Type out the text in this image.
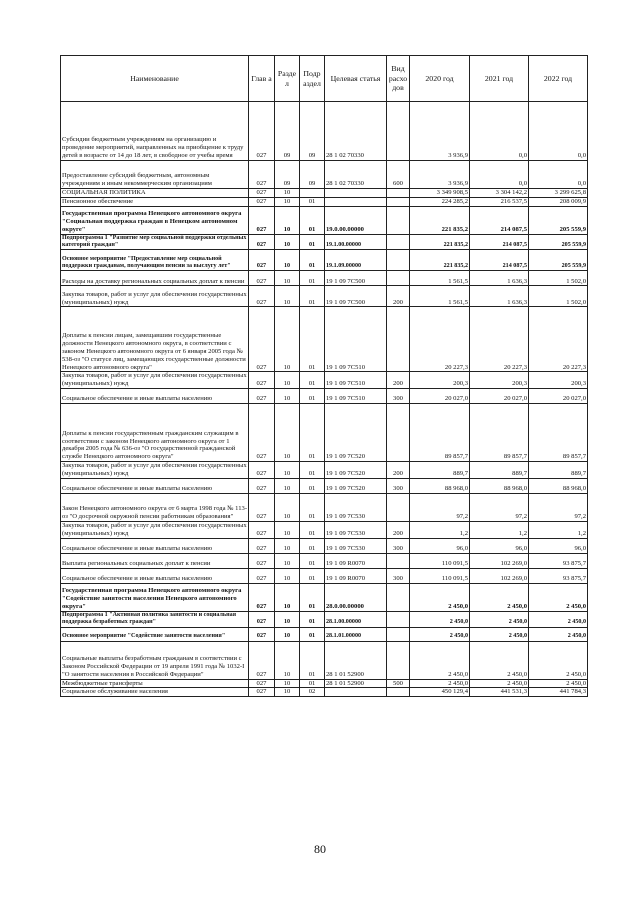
Наименование	Глав а	Разде л	Подр аздел	Целевая статья	Вид расхо дов	2020 год	2021 год	2022 год
Субсидии бюджетным учреждениям на организацию и проведение мероприятий, направленных на приобщение к труду детей в возрасте от 14 до 18 лет, в свободное от учебы время	027	09	09	28 1 02 70330		3 936,9	0,0	0,0
Предоставление субсидий бюджетным, автономным учреждениям и иным некоммерческим организациям	027	09	09	28 1 02 70330	600	3 936,9	0,0	0,0
СОЦИАЛЬНАЯ ПОЛИТИКА	027	10				3 349 908,5	3 304 142,2	3 299 625,8
Пенсионное обеспечение	027	10	01			224 285,2	216 537,5	208 009,9
Государственная программа Ненецкого автономного округа "Социальная поддержка граждан в Ненецком автономном округе"	027	10	01	19.0.00.00000		221 835,2	214 087,5	205 559,9
Подпрограмма 1 "Развитие мер социальной поддержки отдельных категорий граждан"	027	10	01	19.1.00.00000		221 835,2	214 087,5	205 559,9
Основное мероприятие "Предоставление мер социальной поддержки гражданам, получающим пенсии за выслугу лет"	027	10	01	19.1.09.00000		221 835,2	214 087,5	205 559,9
Расходы на доставку региональных социальных доплат к пенсии	027	10	01	19 1 09 7С500		1 561,5	1 636,3	1 502,0
Закупка товаров, работ и услуг для обеспечения государственных (муниципальных) нужд	027	10	01	19 1 09 7С500	200	1 561,5	1 636,3	1 502,0
Доплаты к пенсии лицам, замещавшим государственные должности Ненецкого автономного округа, в соответствии с законом Ненецкого автономного округа от 6 января 2005 года № 538-оз "О статусе лиц, замещающих государственные должности Ненецкого автономного округа"	027	10	01	19 1 09 7С510		20 227,3	20 227,3	20 227,3
Закупка товаров, работ и услуг для обеспечения государственных (муниципальных) нужд	027	10	01	19 1 09 7С510	200	200,3	200,3	200,3
Социальное обеспечение и иные выплаты населению	027	10	01	19 1 09 7С510	300	20 027,0	20 027,0	20 027,0
Доплаты к пенсии государственным гражданским служащим в соответствии с законом Ненецкого автономного округа от 1 декабря 2005 года № 636-оз "О государственной гражданской службе Ненецкого автономного округа"	027	10	01	19 1 09 7С520		89 857,7	89 857,7	89 857,7
Закупка товаров, работ и услуг для обеспечения государственных (муниципальных) нужд	027	10	01	19 1 09 7С520	200	889,7	889,7	889,7
Социальное обеспечение и иные выплаты населению	027	10	01	19 1 09 7С520	300	88 968,0	88 968,0	88 968,0
Закон Ненецкого автономного округа от 6 марта 1998 года № 113-оз "О досрочной окружной пенсии работникам образования"	027	10	01	19 1 09 7С530		97,2	97,2	97,2
Закупка товаров, работ и услуг для обеспечения государственных (муниципальных) нужд	027	10	01	19 1 09 7С530	200	1,2	1,2	1,2
Социальное обеспечение и иные выплаты населению	027	10	01	19 1 09 7С530	300	96,0	96,0	96,0
Выплата региональных социальных доплат к пенсии	027	10	01	19 1 09 R0070		110 091,5	102 269,0	93 875,7
Социальное обеспечение и иные выплаты населению	027	10	01	19 1 09 R0070	300	110 091,5	102 269,0	93 875,7
Государственная программа Ненецкого автономного округа "Содействие занятости населения Ненецкого автономного округа"	027	10	01	28.0.00.00000		2 450,0	2 450,0	2 450,0
Подпрограмма 1 "Активная политика занятости и социальная поддержка безработных граждан"	027	10	01	28.1.00.00000		2 450,0	2 450,0	2 450,0
Основное мероприятие "Содействие занятости населения"	027	10	01	28.1.01.00000		2 450,0	2 450,0	2 450,0
Социальные выплаты безработным гражданам в соответствии с Законом Российской Федерации от 19 апреля 1991 года № 1032-I "О занятости населения в Российской Федерации"	027	10	01	28 1 01 52900		2 450,0	2 450,0	2 450,0
Межбюджетные трансферты	027	10	01	28 1 01 52900	500	2 450,0	2 450,0	2 450,0
Социальное обслуживание населения	027	10	02			450 129,4	441 531,3	441 784,3
80
